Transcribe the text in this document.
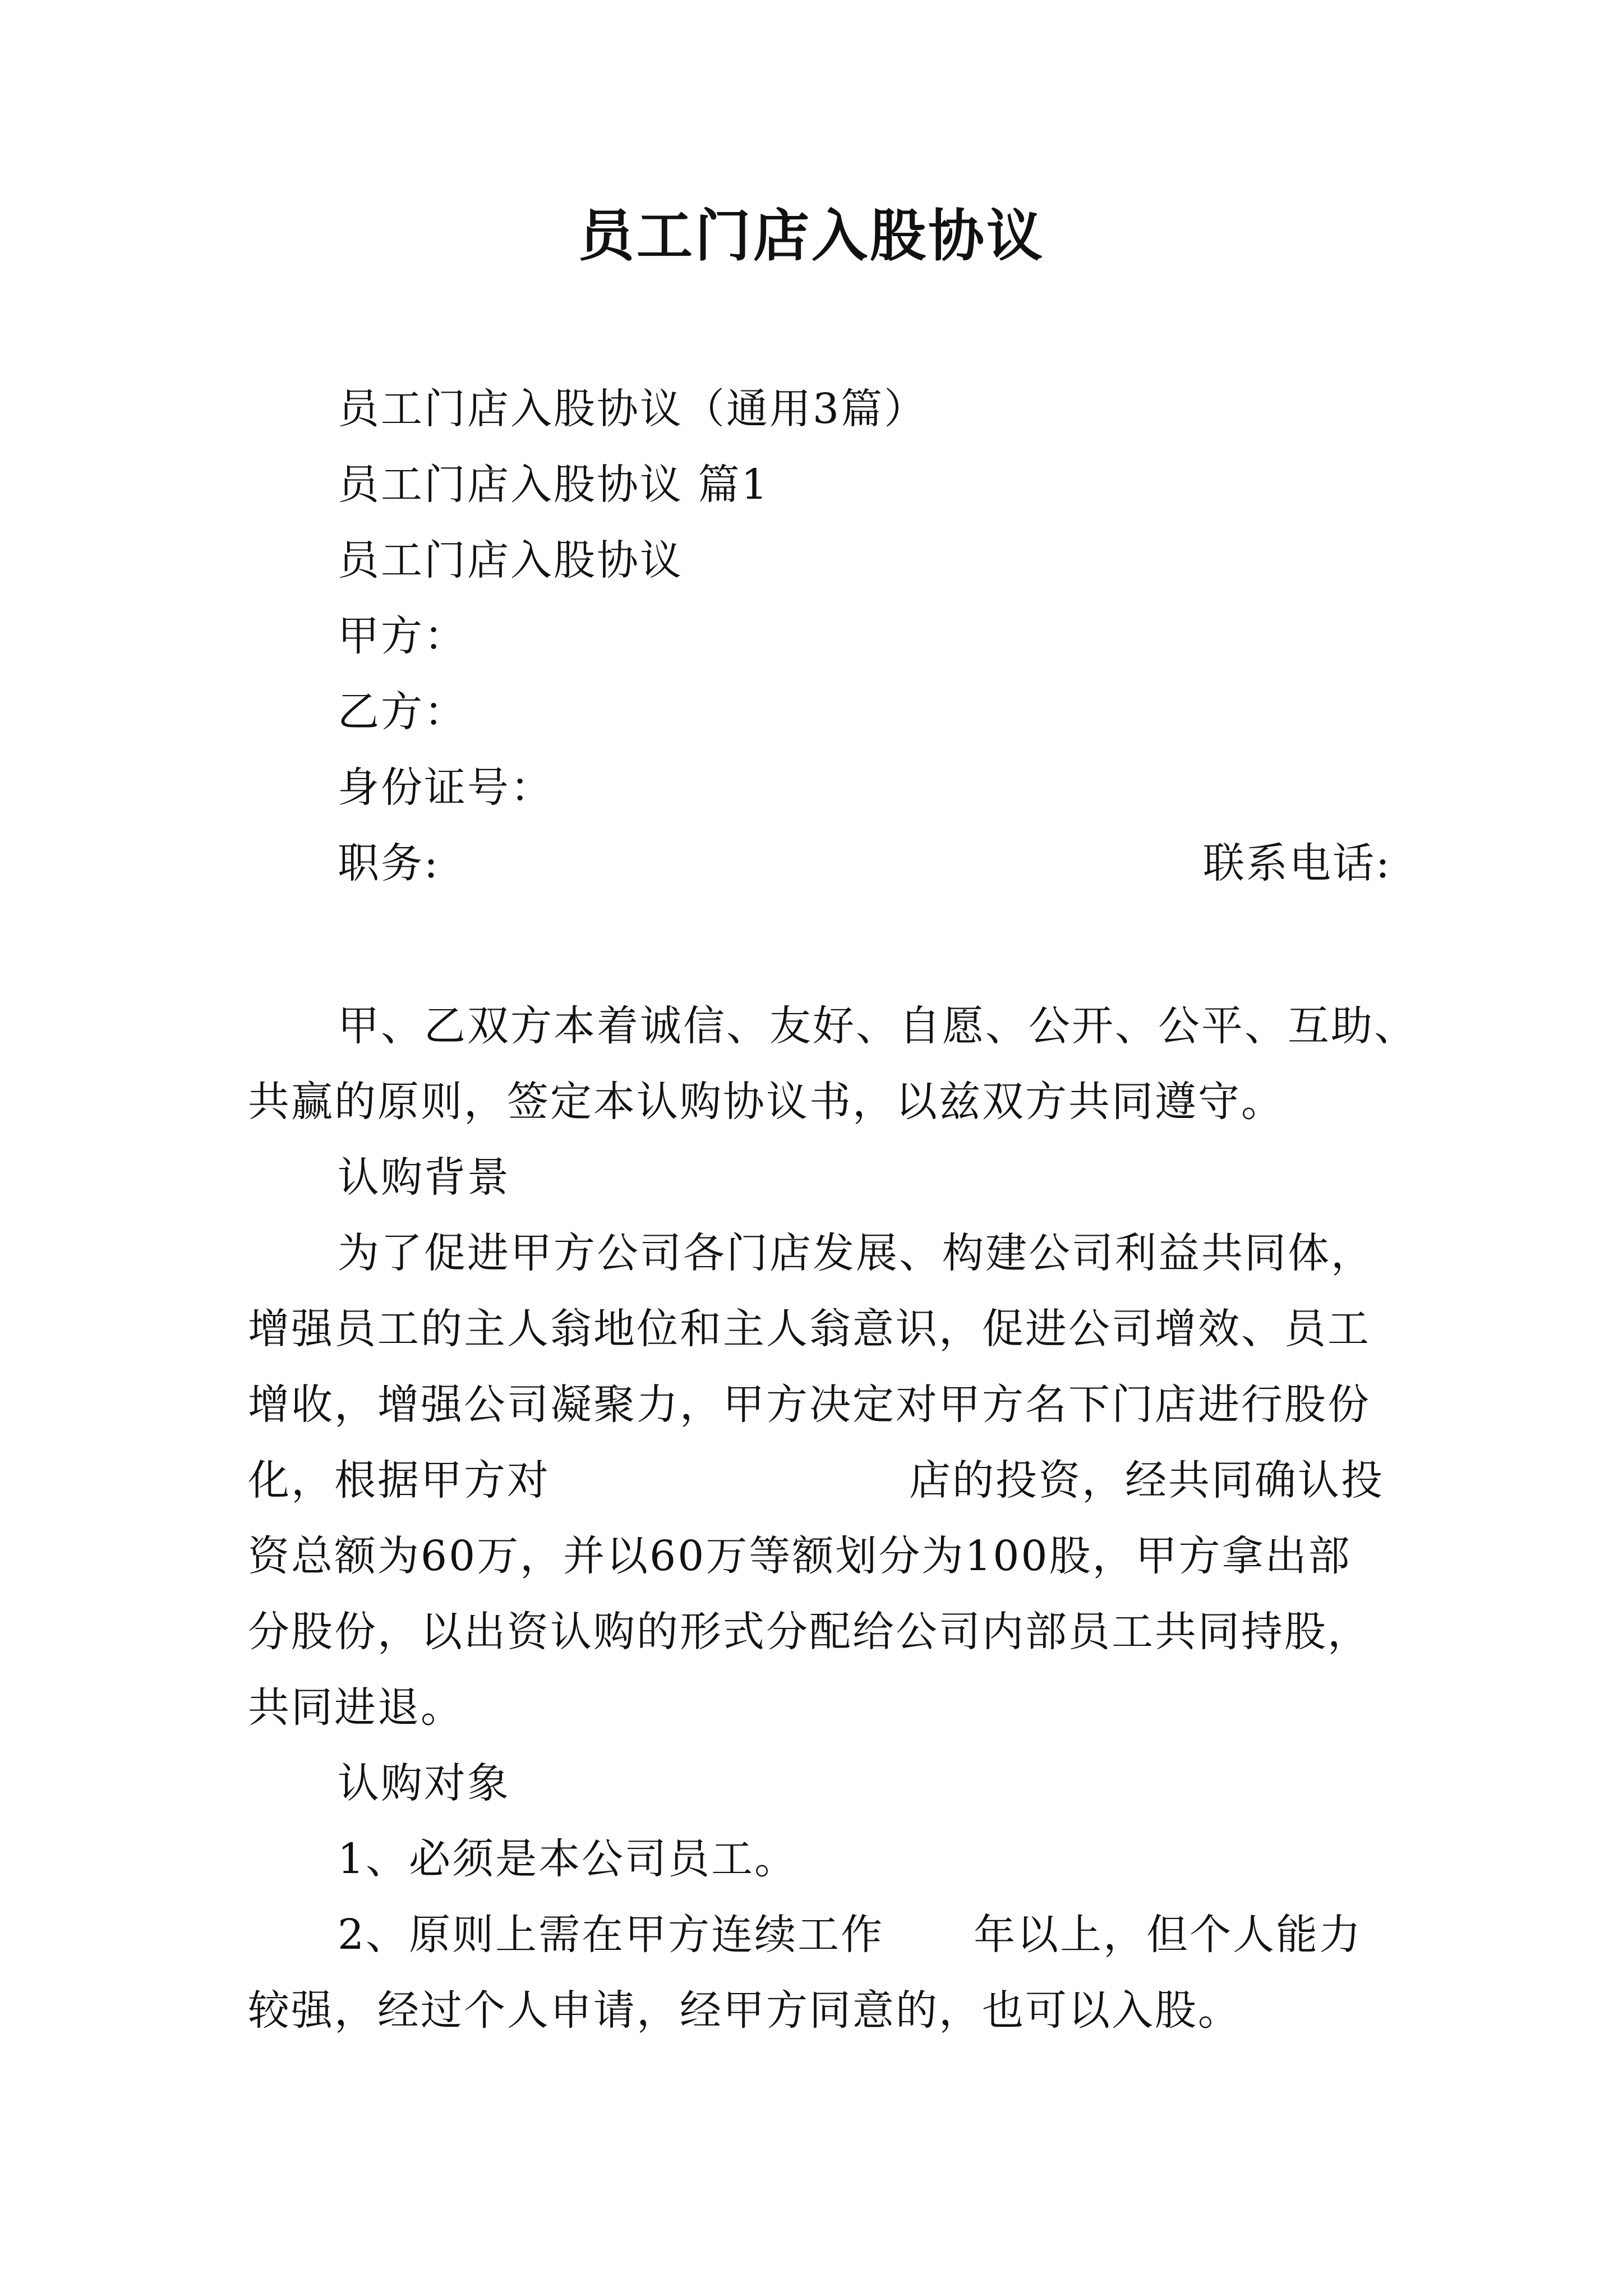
员工门店入股协议
员工门店入股协议（通用3篇）
员工门店入股协议 篇1
员工门店入股协议
甲方：
乙方：
身份证号：
职务:	联系电话:
甲、乙双方本着诚信、友好、自愿、公开、公平、互助、
共赢的原则，签定本认购协议书，以兹双方共同遵守。
认购背景
为了促进甲方公司各门店发展、构建公司利益共同体，
增强员工的主人翁地位和主人翁意识，促进公司增效、员工
增收，增强公司凝聚力，甲方决定对甲方名下门店进行股份
化，根据甲方对	店的投资，经共同确认投
资总额为60万，并以60万等额划分为100股，甲方拿出部
分股份，以出资认购的形式分配给公司内部员工共同持股，
共同进退。
认购对象
1、必须是本公司员工。
2、原则上需在甲方连续工作 年以上，但个人能力
较强，经过个人申请，经甲方同意的，也可以入股。
